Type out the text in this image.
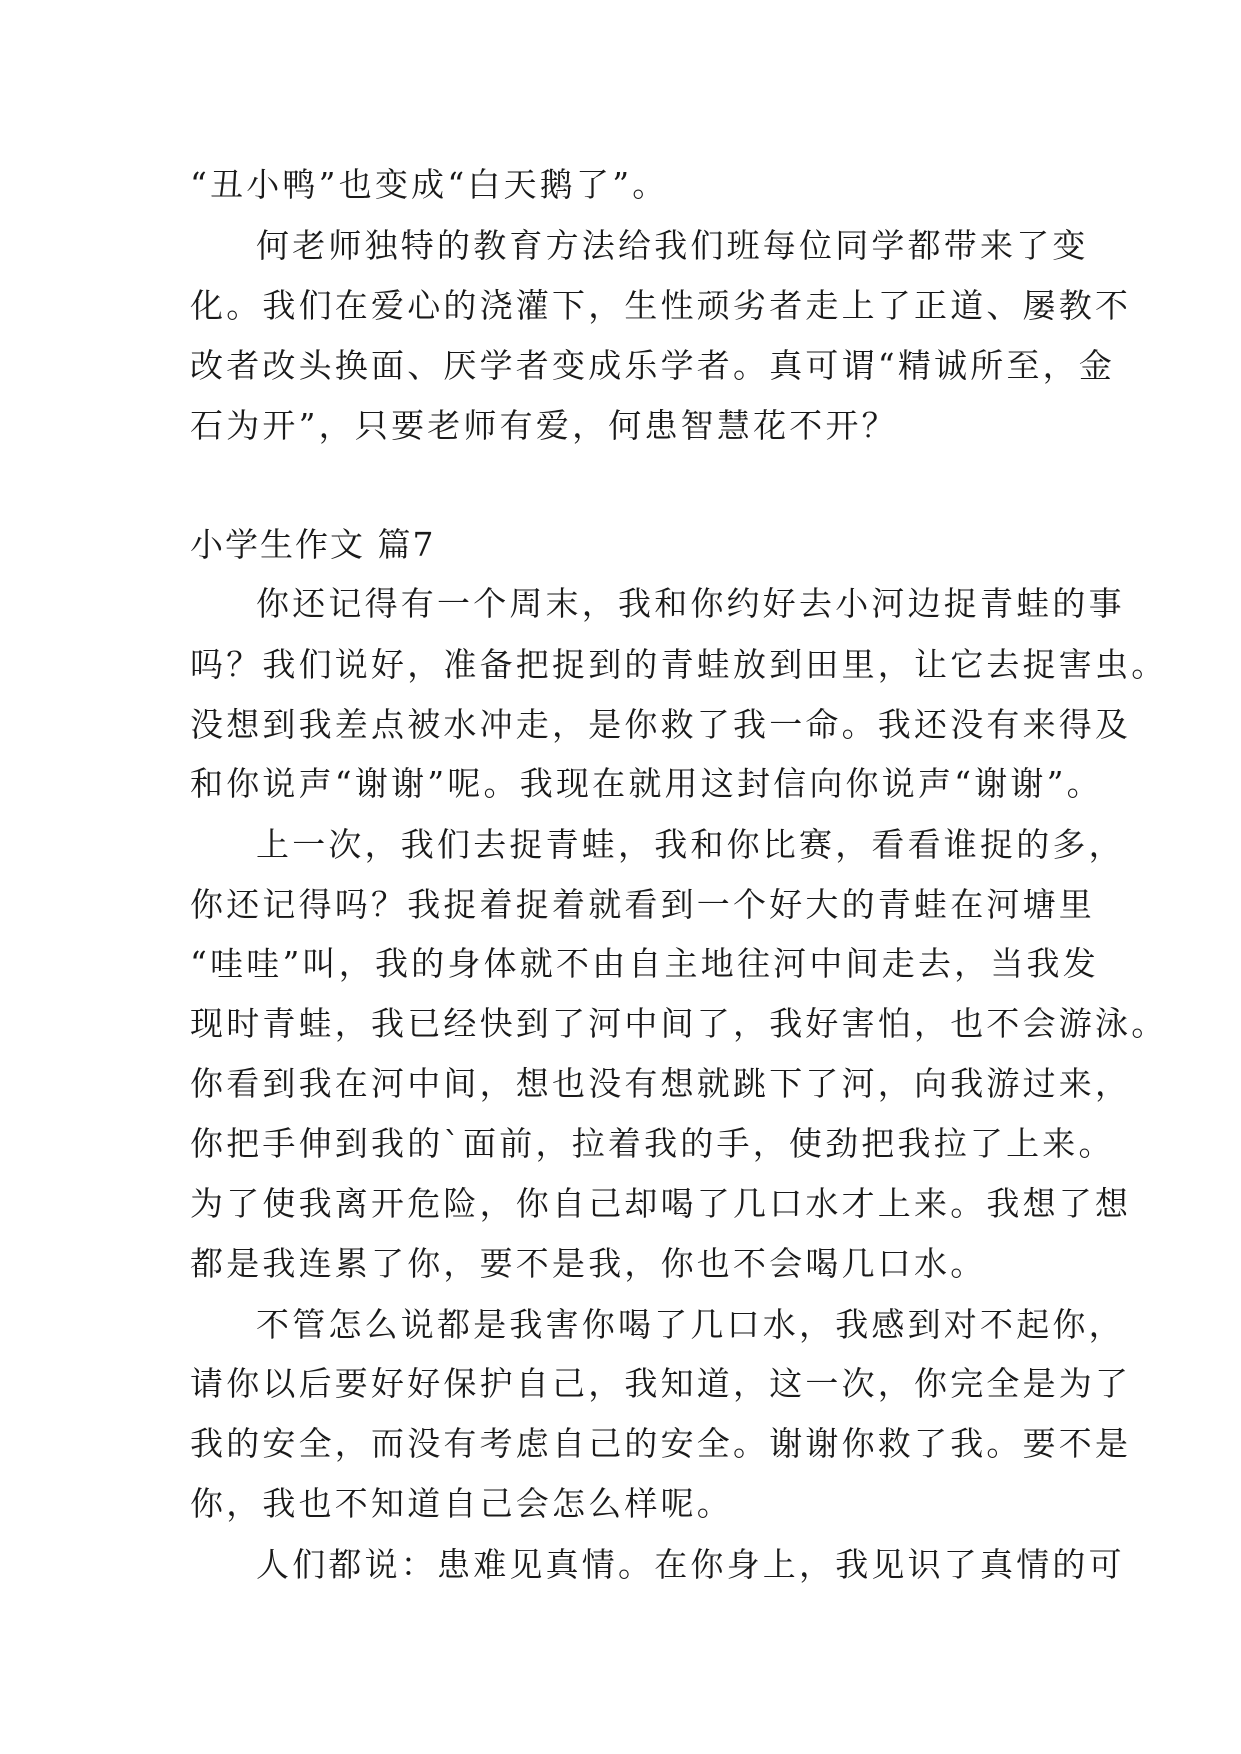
“丑小鸭”也变成“白天鹅了”。
何老师独特的教育方法给我们班每位同学都带来了变
化。我们在爱心的浇灌下，生性顽劣者走上了正道、屡教不
改者改头换面、厌学者变成乐学者。真可谓“精诚所至，金
石为开”，只要老师有爱，何患智慧花不开？
小学生作文 篇7
你还记得有一个周末，我和你约好去小河边捉青蛙的事
吗？我们说好，准备把捉到的青蛙放到田里，让它去捉害虫。
没想到我差点被水冲走，是你救了我一命。我还没有来得及
和你说声“谢谢”呢。我现在就用这封信向你说声“谢谢”。
上一次，我们去捉青蛙，我和你比赛，看看谁捉的多，
你还记得吗？我捉着捉着就看到一个好大的青蛙在河塘里
“哇哇”叫，我的身体就不由自主地往河中间走去，当我发
现时青蛙，我已经快到了河中间了，我好害怕，也不会游泳。
你看到我在河中间，想也没有想就跳下了河，向我游过来，
你把手伸到我的`面前，拉着我的手，使劲把我拉了上来。
为了使我离开危险，你自己却喝了几口水才上来。我想了想
都是我连累了你，要不是我，你也不会喝几口水。
不管怎么说都是我害你喝了几口水，我感到对不起你，
请你以后要好好保护自己，我知道，这一次，你完全是为了
我的安全，而没有考虑自己的安全。谢谢你救了我。要不是
你，我也不知道自己会怎么样呢。
人们都说：患难见真情。在你身上，我见识了真情的可
